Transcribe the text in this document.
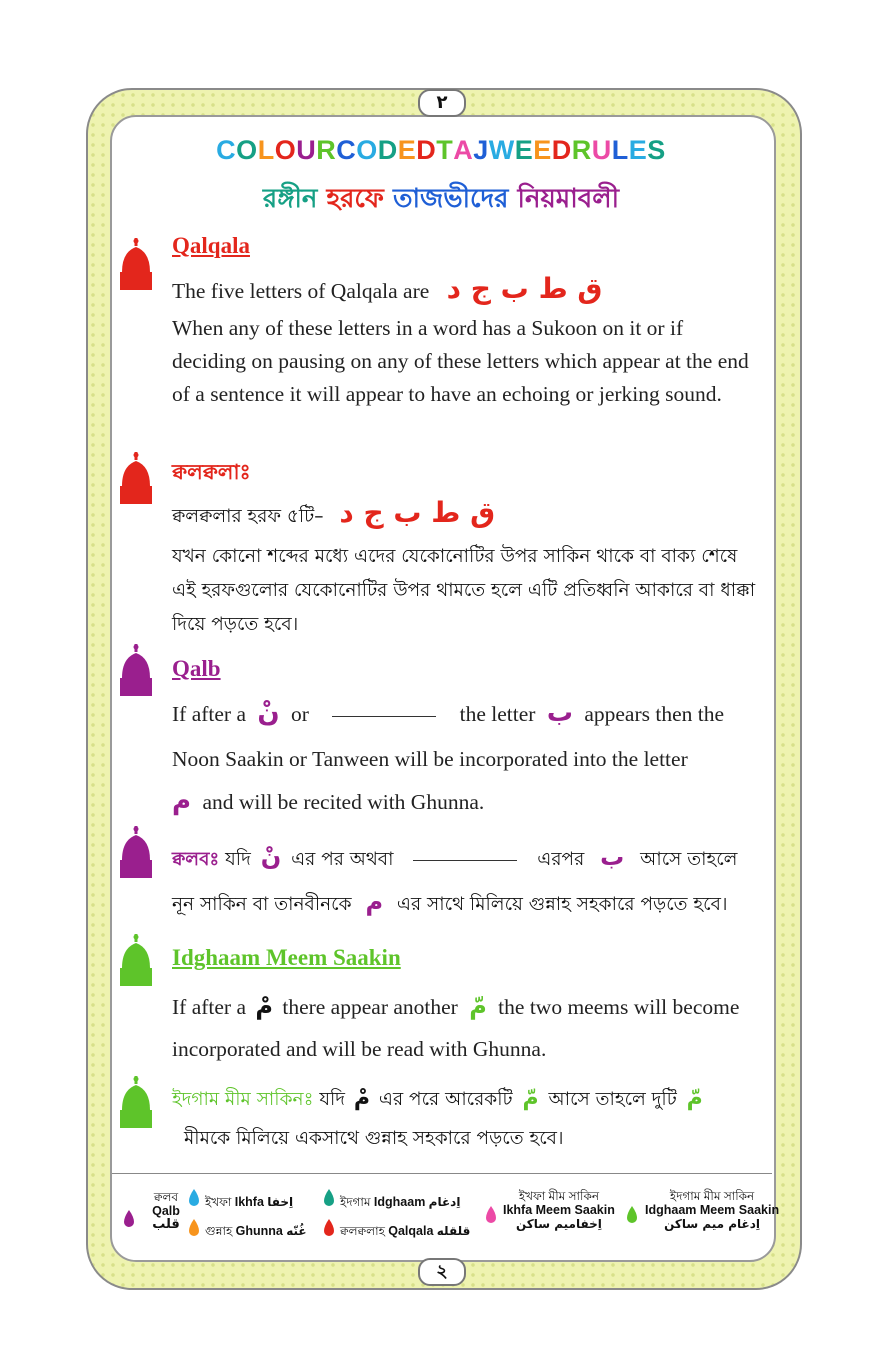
٢
COLOURCODEDTAJWEEDRULES
রঙ্গীন হরফে তাজভীদের নিয়মাবলী
Qalqala
The five letters of Qalqala are ق ط ب ج د
When any of these letters in a word has a Sukoon on it or if deciding on pausing on any of these letters which appear at the end of a sentence it will appear to have an echoing or jerking sound.
ক্বলক্বলাঃ
ক্বলক্বলার হরফ ৫টি– ق ط ب ج د
যখন কোনো শব্দের মধ্যে এদের যেকোনোটির উপর সাকিন থাকে বা বাক্য শেষে এই হরফগুলোর যেকোনোটির উপর থামতে হলে এটি প্রতিধ্বনি আকারে বা ধাক্কা দিয়ে পড়তে হবে।
Qalb
If after a نْ or	the letter ب appears then the
Noon Saakin or Tanween will be incorporated into the letter
م and will be recited with Ghunna.
ক্বলবঃ যদি نْ এর পর অথবা	এরপর ب আসে তাহলে
নূন সাকিন বা তানবীনকে م এর সাথে মিলিয়ে গুন্নাহ সহকারে পড়তে হবে।
Idghaam Meem Saakin
If after a مْ there appear another مّ the two meems will become
incorporated and will be read with Ghunna.
ইদগাম মীম সাকিনঃ যদি مْ এর পরে আরেকটি مّ আসে তাহলে দুটি مّ
মীমকে মিলিয়ে একসাথে গুন্নাহ সহকারে পড়তে হবে।
ক্বলব
Qalb
قلب
ইখফা Ikhfa اِخفا
গুন্নাহ Ghunna غُنّه
ইদগাম Idghaam اِدغام
ক্বলক্বলাহ Qalqala قلقله
ইখফা মীম সাকিন
Ikhfa Meem Saakin
اِخفامیم ساکن
ইদগাম মীম সাকিন
Idghaam Meem Saakin
اِدغام میم ساکن
২
